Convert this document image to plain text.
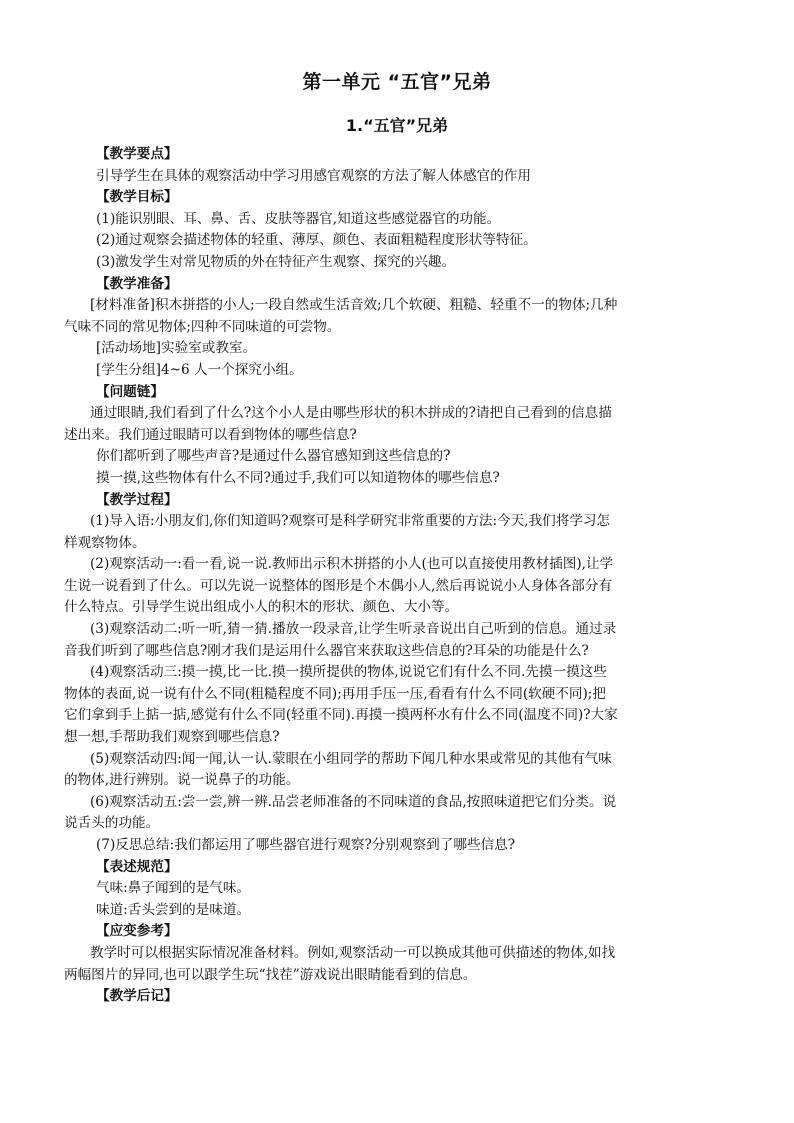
第一单元 “五官”兄弟
1.“五官”兄弟

【教学要点】

引导学生在具体的观察活动中学习用感官观察的方法了解人体感官的作用

【教学目标】

(1)能识别眼、耳、鼻、舌、皮肤等器官,知道这些感觉器官的功能。

(2)通过观察会描述物体的轻重、薄厚、颜色、表面粗糙程度形状等特征。

(3)激发学生对常见物质的外在特征产生观察、探究的兴趣。

【教学准备】

[材料准备]积木拼搭的小人;一段自然或生活音效;几个软硬、粗糙、轻重不一的物体;几种气味不同的常见物体;四种不同味道的可尝物。

[活动场地]实验室或教室。

[学生分组]4~6 人一个探究小组。

【问题链】

通过眼睛,我们看到了什么?这个小人是由哪些形状的积木拼成的?请把自己看到的信息描述出来。我们通过眼睛可以看到物体的哪些信息?

你们都听到了哪些声音?是通过什么器官感知到这些信息的?

摸一摸,这些物体有什么不同?通过手,我们可以知道物体的哪些信息?

【教学过程】

(1)导入语:小朋友们,你们知道吗?观察可是科学研究非常重要的方法:今天,我们将学习怎样观察物体。

(2)观察活动一:看一看,说一说.教师出示积木拼搭的小人(也可以直接使用教材插图),让学生说一说看到了什么。可以先说一说整体的图形是个木偶小人,然后再说说小人身体各部分有什么特点。引导学生说出组成小人的积木的形状、颜色、大小等。

(3)观察活动二:听一听,猜一猜.播放一段录音,让学生听录音说出自己听到的信息。通过录音我们听到了哪些信息?刚才我们是运用什么器官来获取这些信息的?耳朵的功能是什么?

(4)观察活动三:摸一摸,比一比.摸一摸所提供的物体,说说它们有什么不同.先摸一摸这些物体的表面,说一说有什么不同(粗糙程度不同);再用手压一压,看看有什么不同(软硬不同);把它们拿到手上掂一掂,感觉有什么不同(轻重不同).再摸一摸两杯水有什么不同(温度不同)?大家想一想,手帮助我们观察到哪些信息?

(5)观察活动四:闻一闻,认一认.蒙眼在小组同学的帮助下闻几种水果或常见的其他有气味的物体,进行辨别。说一说鼻子的功能。

(6)观察活动五:尝一尝,辨一辨.品尝老师准备的不同味道的食品,按照味道把它们分类。说说舌头的功能。

(7)反思总结:我们都运用了哪些器官进行观察?分别观察到了哪些信息?

【表述规范】

气味:鼻子闻到的是气味。

味道:舌头尝到的是味道。

【应变参考】

教学时可以根据实际情况准备材料。例如,观察活动一可以换成其他可供描述的物体,如找两幅图片的异同,也可以跟学生玩“找茬”游戏说出眼睛能看到的信息。

【教学后记】
